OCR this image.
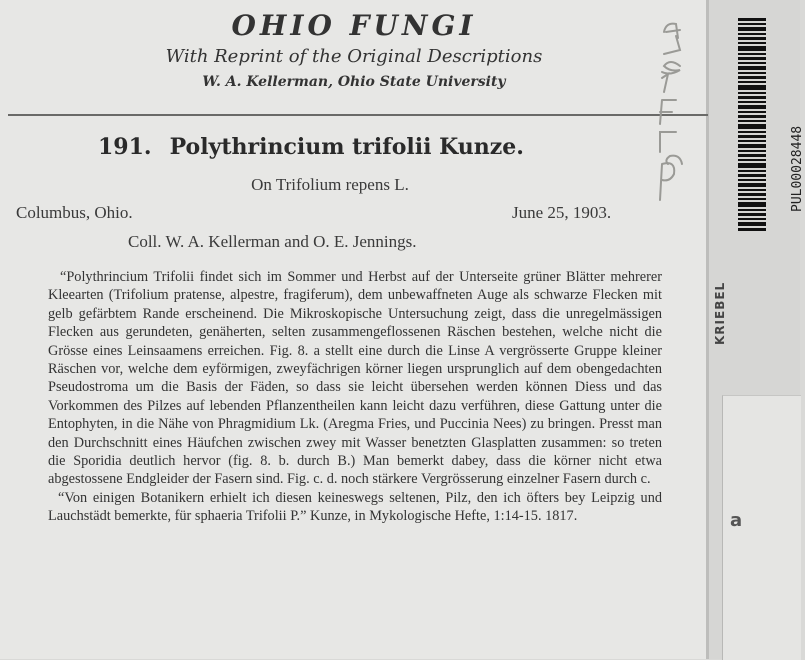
OHIO FUNGI
With Reprint of the Original Descriptions
W. A. Kellerman, Ohio State University
191. Polythrincium trifolii Kunze.
On Trifolium repens L.
Columbus, Ohio.	June 25, 1903.
Coll. W. A. Kellerman and O. E. Jennings.

“Polythrincium Trifolii findet sich im Sommer und Herbst auf der Unterseite grüner Blätter mehrerer Kleearten (Trifolium pratense, alpestre, fragiferum), dem unbewaffneten Auge als schwarze Flecken mit gelb gefärbtem Rande erscheinend. Die Mikroskopische Untersuchung zeigt, dass die unregelmässigen Flecken aus gerundeten, genäherten, selten zusammengeflossenen Räschen bestehen, welche nicht die Grösse eines Leinsaamens erreichen. Fig. 8. a stellt eine durch die Linse A vergrösserte Gruppe kleiner Räschen vor, welche dem eyförmigen, zweyfächrigen körner liegen ursprunglich auf dem obengedachten Pseudostroma um die Basis der Fäden, so dass sie leicht übersehen werden können Diess und das Vorkommen des Pilzes auf lebenden Pflanzentheilen kann leicht dazu verführen, diese Gattung unter die Entophyten, in die Nähe von Phragmidium Lk. (Aregma Fries, und Puccinia Nees) zu bringen. Presst man den Durchschnitt eines Häufchen zwischen zwey mit Wasser benetzten Glasplatten zusammen: so treten die Sporidia deutlich hervor (fig. 8. b. durch B.) Man bemerkt dabey, dass die körner nicht etwa abgestossene Endgleider der Fasern sind. Fig. c. d. noch stärkere Vergrösserung einzelner Fasern durch c.

“Von einigen Botanikern erhielt ich diesen keineswegs seltenen, Pilz, den ich öfters bey Leipzig und Lauchstädt bemerkte, für sphaeria Trifolii P.” Kunze, in Mykologische Hefte, 1:14-15. 1817.

KRIEBEL
PUL00028448
a
